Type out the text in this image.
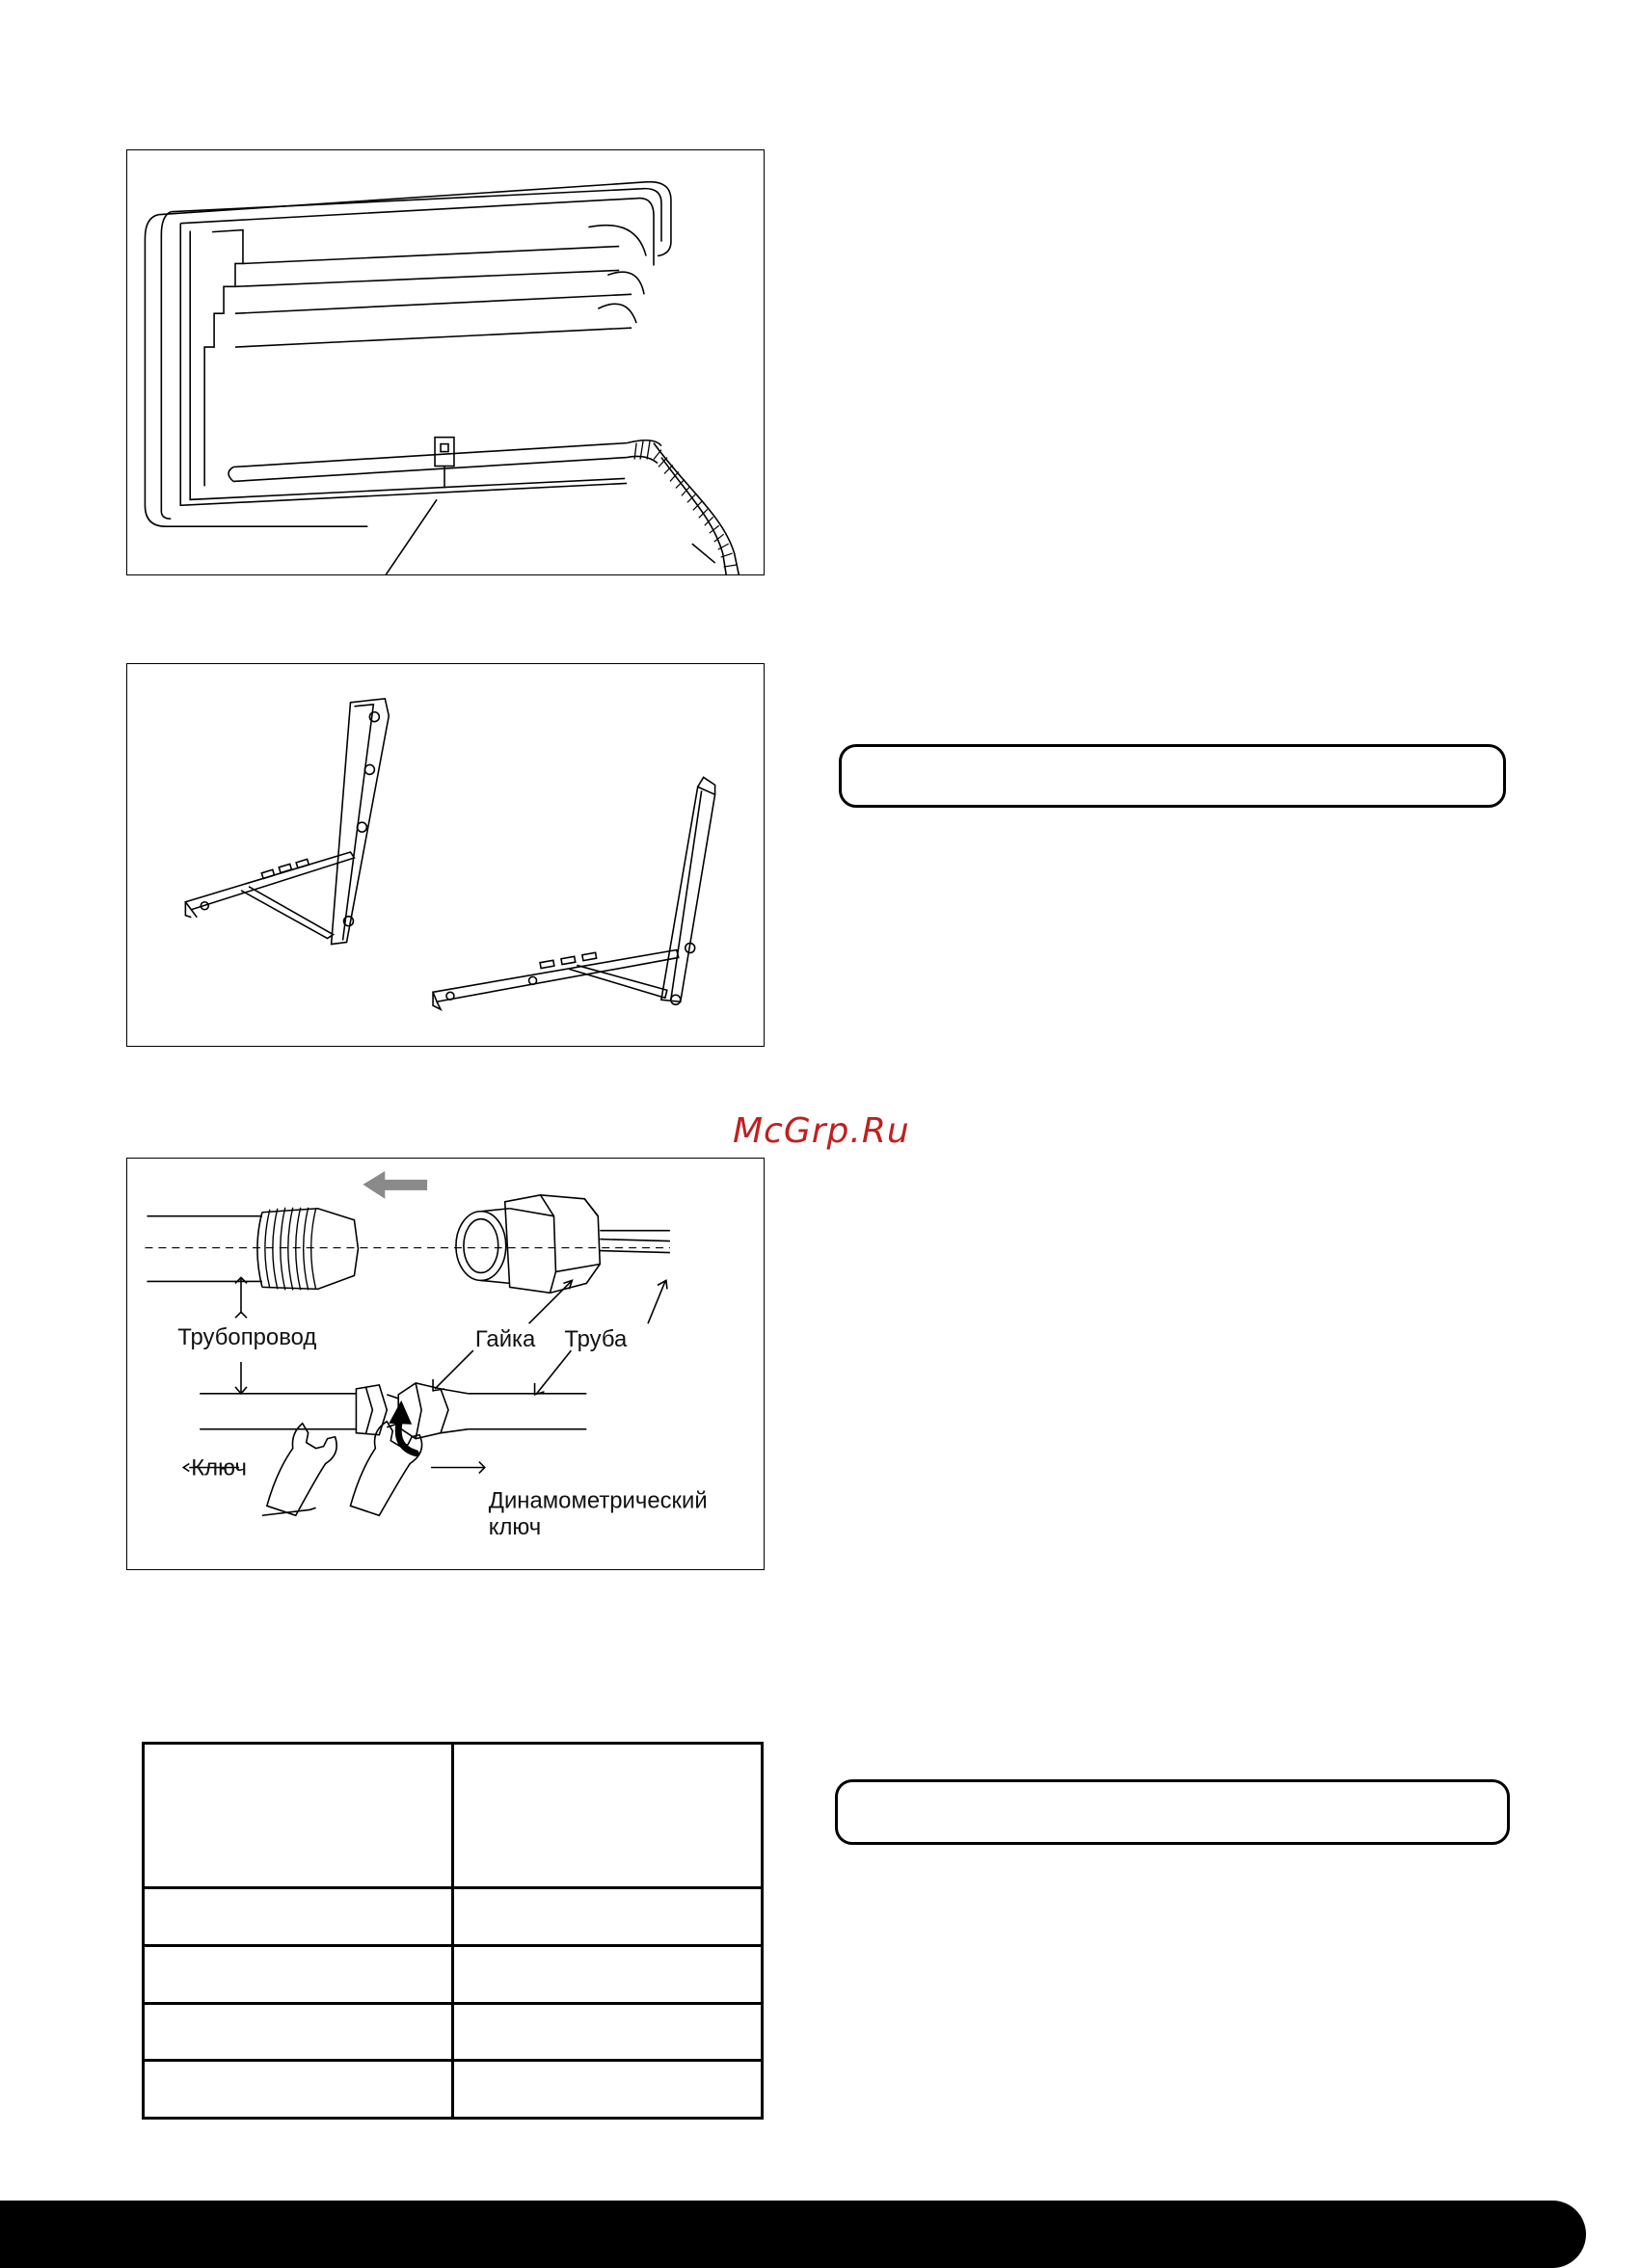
McGrp.Ru
Трубопровод	Гайка Труба
Ключ
Динамометрический
ключ
